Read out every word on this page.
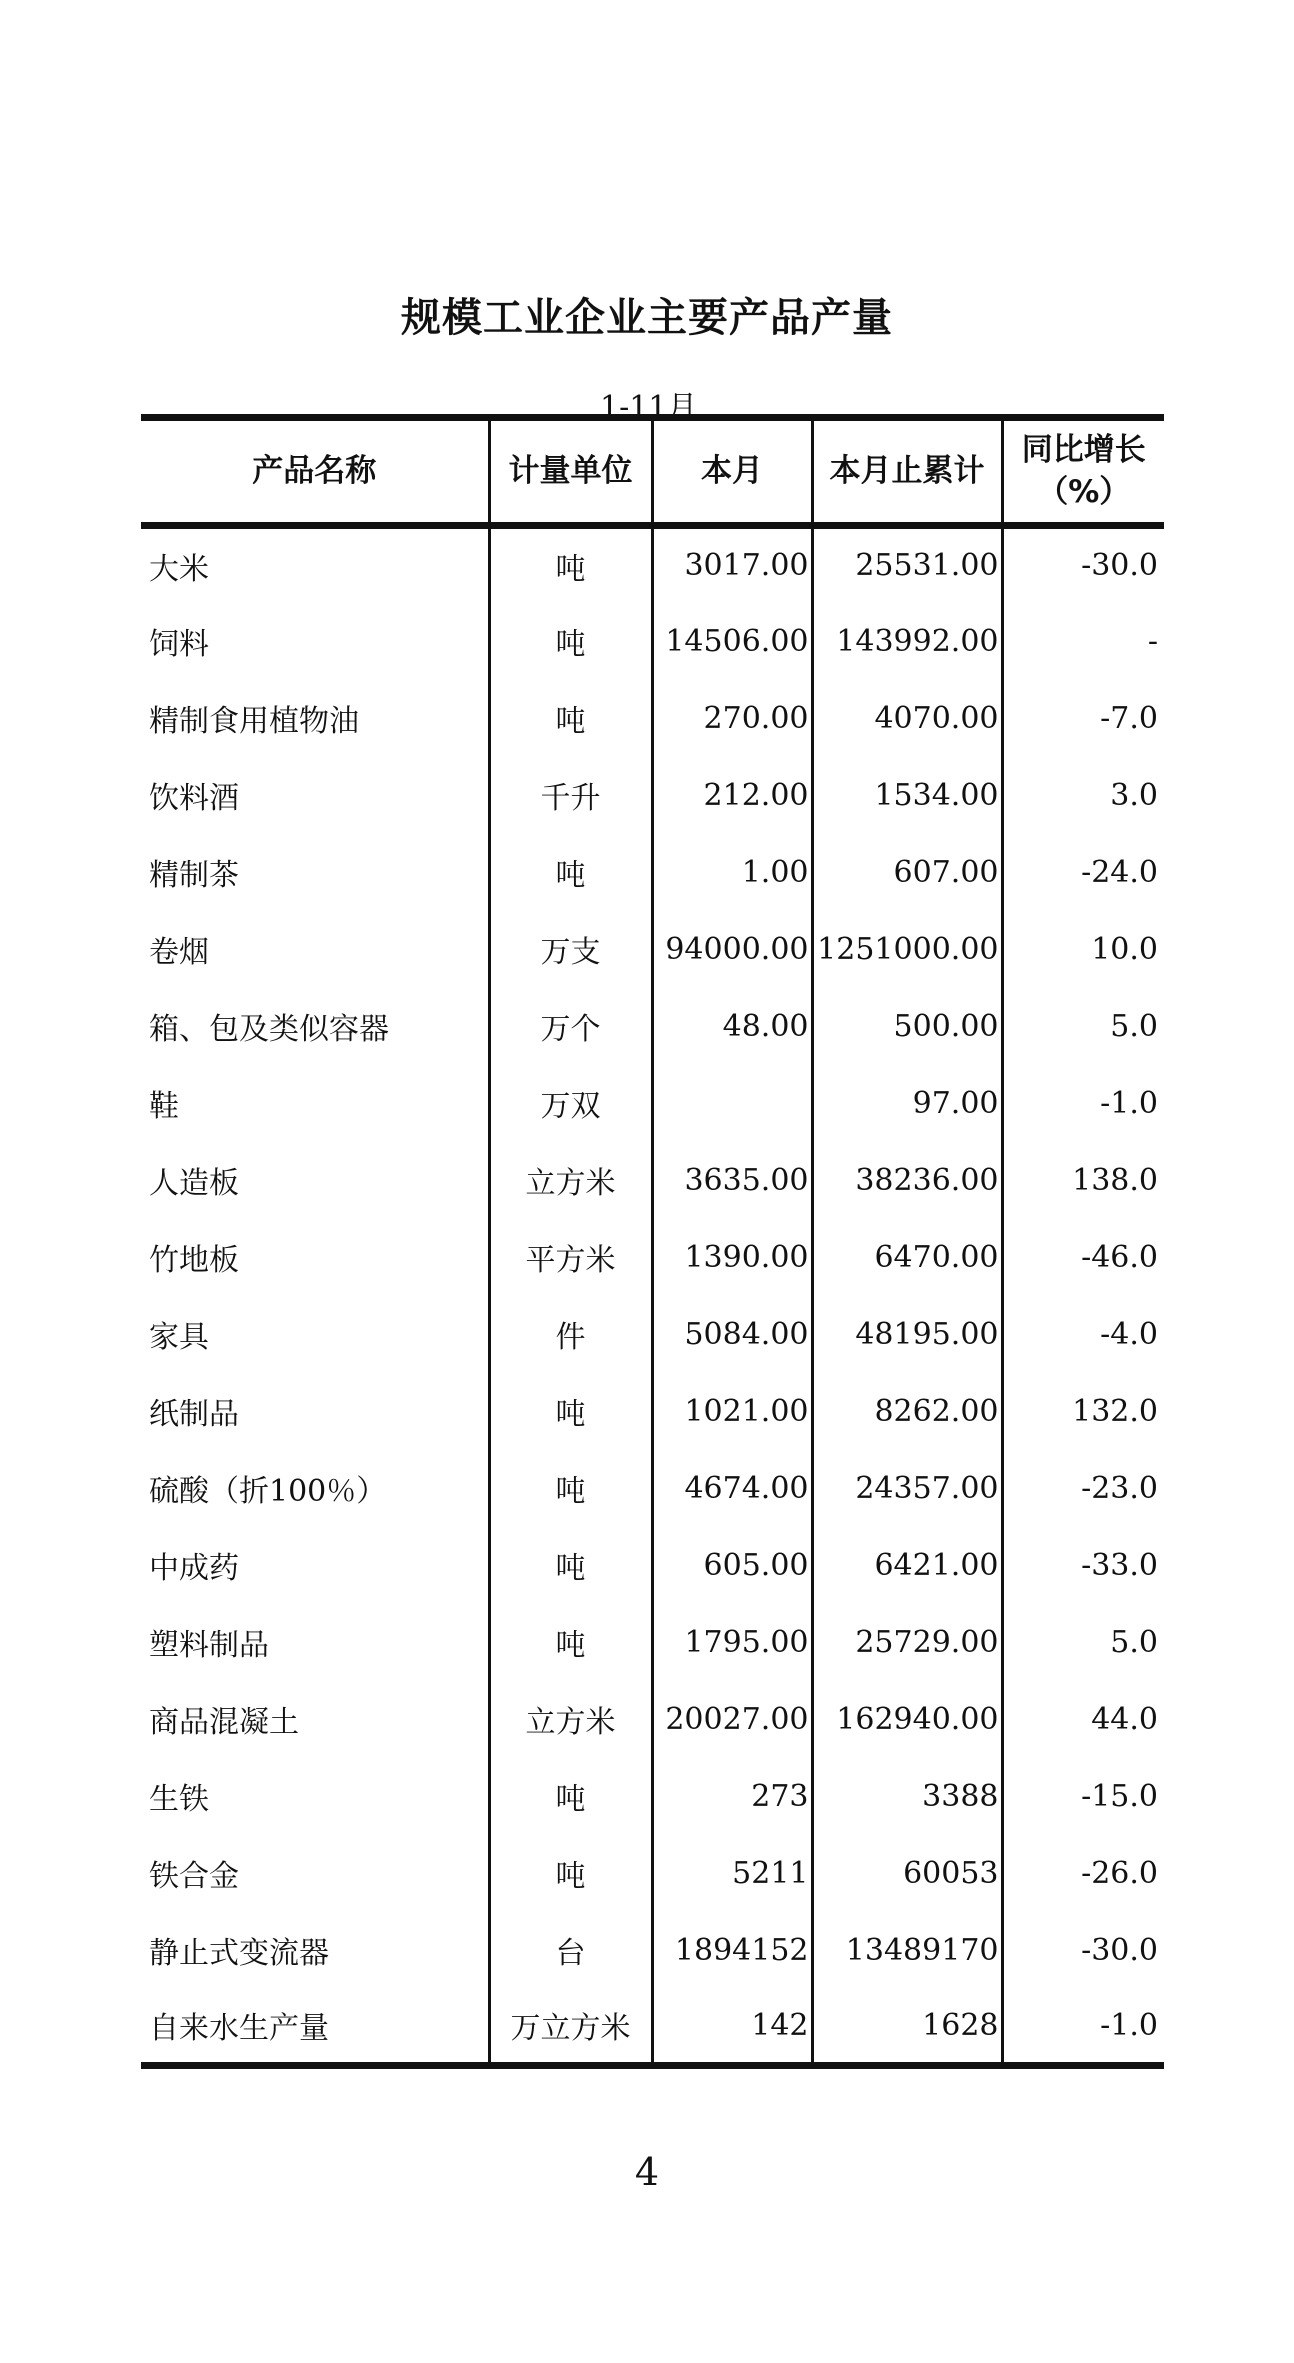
规模工业企业主要产品产量
1-11月
产品名称	计量单位	本月	本月止累计	同比增长
（%）

大米	吨	3017.00	25531.00	-30.0
饲料	吨	14506.00	143992.00	-
精制食用植物油	吨	270.00	4070.00	-7.0
饮料酒	千升	212.00	1534.00	3.0
精制茶	吨	1.00	607.00	-24.0
卷烟	万支	94000.00	1251000.00	10.0
箱、包及类似容器	万个	48.00	500.00	5.0
鞋	万双		97.00	-1.0
人造板	立方米	3635.00	38236.00	138.0
竹地板	平方米	1390.00	6470.00	-46.0
家具	件	5084.00	48195.00	-4.0
纸制品	吨	1021.00	8262.00	132.0
硫酸（折100％）	吨	4674.00	24357.00	-23.0
中成药	吨	605.00	6421.00	-33.0
塑料制品	吨	1795.00	25729.00	5.0
商品混凝土	立方米	20027.00	162940.00	44.0
生铁	吨	273	3388	-15.0
铁合金	吨	5211	60053	-26.0
静止式变流器	台	1894152	13489170	-30.0
自来水生产量	万立方米	142	1628	-1.0
4
